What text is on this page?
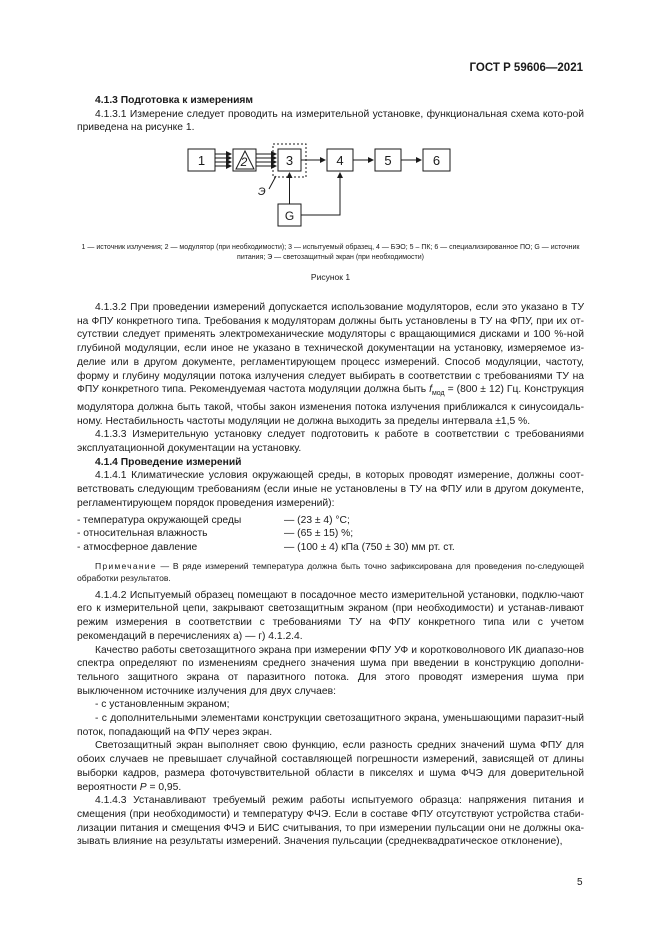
ГОСТ Р 59606—2021

4.1.3 Подготовка к измерениям

4.1.3.1 Измерение следует проводить на измерительной установке, функциональная схема кото-рой приведена на рисунке 1.

1	2	3	4	5	6
G
Э

1 — источник излучения; 2 — модулятор (при необходимости); 3 — испытуемый образец, 4 — БЭО; 5 – ПК; 6 — специализированное ПО; G — источник питания; Э — светозащитный экран (при необходимости)

Рисунок 1

4.1.3.2 При проведении измерений допускается использование модуляторов, если это указано в ТУ на ФПУ конкретного типа. Требования к модуляторам должны быть установлены в ТУ на ФПУ, при их от-сутствии следует применять электромеханические модуляторы с вращающимися дисками и 100 %-ной глубиной модуляции, если иное не указано в технической документации на установку, измеряемое из-делие или в другом документе, регламентирующем процесс измерений. Способ модуляции, частоту, форму и глубину модуляции потока излучения следует выбирать в соответствии с требованиями ТУ на ФПУ конкретного типа. Рекомендуемая частота модуляции должна быть $f_{мод} = (800 \pm 12)$ Гц. Конструкция модулятора должна быть такой, чтобы закон изменения потока излучения приближался к синусоидаль-ному. Нестабильность частоты модуляции не должна выходить за пределы интервала ±1,5 %.

4.1.3.3 Измерительную установку следует подготовить к работе в соответствии с требованиями эксплуатационной документации на установку.

4.1.4 Проведение измерений

4.1.4.1 Климатические условия окружающей среды, в которых проводят измерение, должны соот-ветствовать следующим требованиям (если иные не установлены в ТУ на ФПУ или в другом документе, регламентирующем порядок проведения измерений):

- температура окружающей среды	— (23 ± 4) °C;
- относительная влажность	— (65 ± 15) %;
- атмосферное давление	— (100 ± 4) кПа (750 ± 30) мм рт. ст.

Примечание — В ряде измерений температура должна быть точно зафиксирована для проведения по-следующей обработки результатов.

4.1.4.2 Испытуемый образец помещают в посадочное место измерительной установки, подклю-чают его к измерительной цепи, закрывают светозащитным экраном (при необходимости) и устанав-ливают режим измерения в соответствии с требованиями ТУ на ФПУ конкретного типа или с учетом рекомендаций в перечислениях а) — г) 4.1.2.4.

Качество работы светозащитного экрана при измерении ФПУ УФ и коротковолнового ИК диапазо-нов спектра определяют по изменениям среднего значения шума при введении в конструкцию дополни-тельного защитного экрана от паразитного потока. Для этого проводят измерения шума при выключенном источнике излучения для двух случаев:

- с установленным экраном;

- с дополнительными элементами конструкции светозащитного экрана, уменьшающими паразит-ный поток, попадающий на ФПУ через экран.

Светозащитный экран выполняет свою функцию, если разность средних значений шума ФПУ для обоих случаев не превышает случайной составляющей погрешности измерений, зависящей от длины выборки кадров, размера фоточувствительной области в пикселях и шума ФЧЭ для доверительной вероятности P = 0,95.

4.1.4.3 Устанавливают требуемый режим работы испытуемого образца: напряжения питания и смещения (при необходимости) и температуру ФЧЭ. Если в составе ФПУ отсутствуют устройства стаби-лизации питания и смещения ФЧЭ и БИС считывания, то при измерении пульсации они не должны ока-зывать влияние на результаты измерений. Значения пульсации (среднеквадратическое отклонение),

5
